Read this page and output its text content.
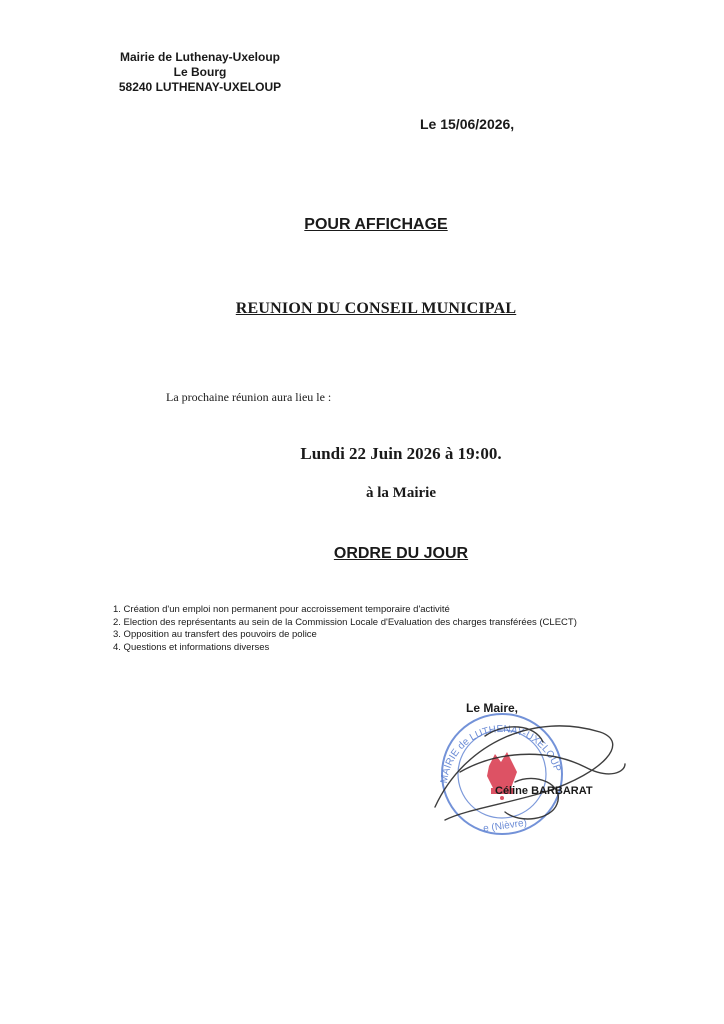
Mairie de Luthenay-Uxeloup
Le Bourg
58240 LUTHENAY-UXELOUP
Le 15/06/2026,
POUR AFFICHAGE
REUNION DU CONSEIL MUNICIPAL
La prochaine réunion aura lieu le :
Lundi 22 Juin 2026 à 19:00.
à la Mairie
ORDRE DU JOUR
1. Création d'un emploi non permanent pour accroissement temporaire d'activité
2. Election des représentants au sein de la Commission Locale d'Evaluation des charges transférées (CLECT)
3. Opposition au transfert des pouvoirs de police
4. Questions et informations diverses
Le Maire,
MAIRIE de LUTHENAY-UXELOUP
e (Nièvre)
Céline BARBARAT
